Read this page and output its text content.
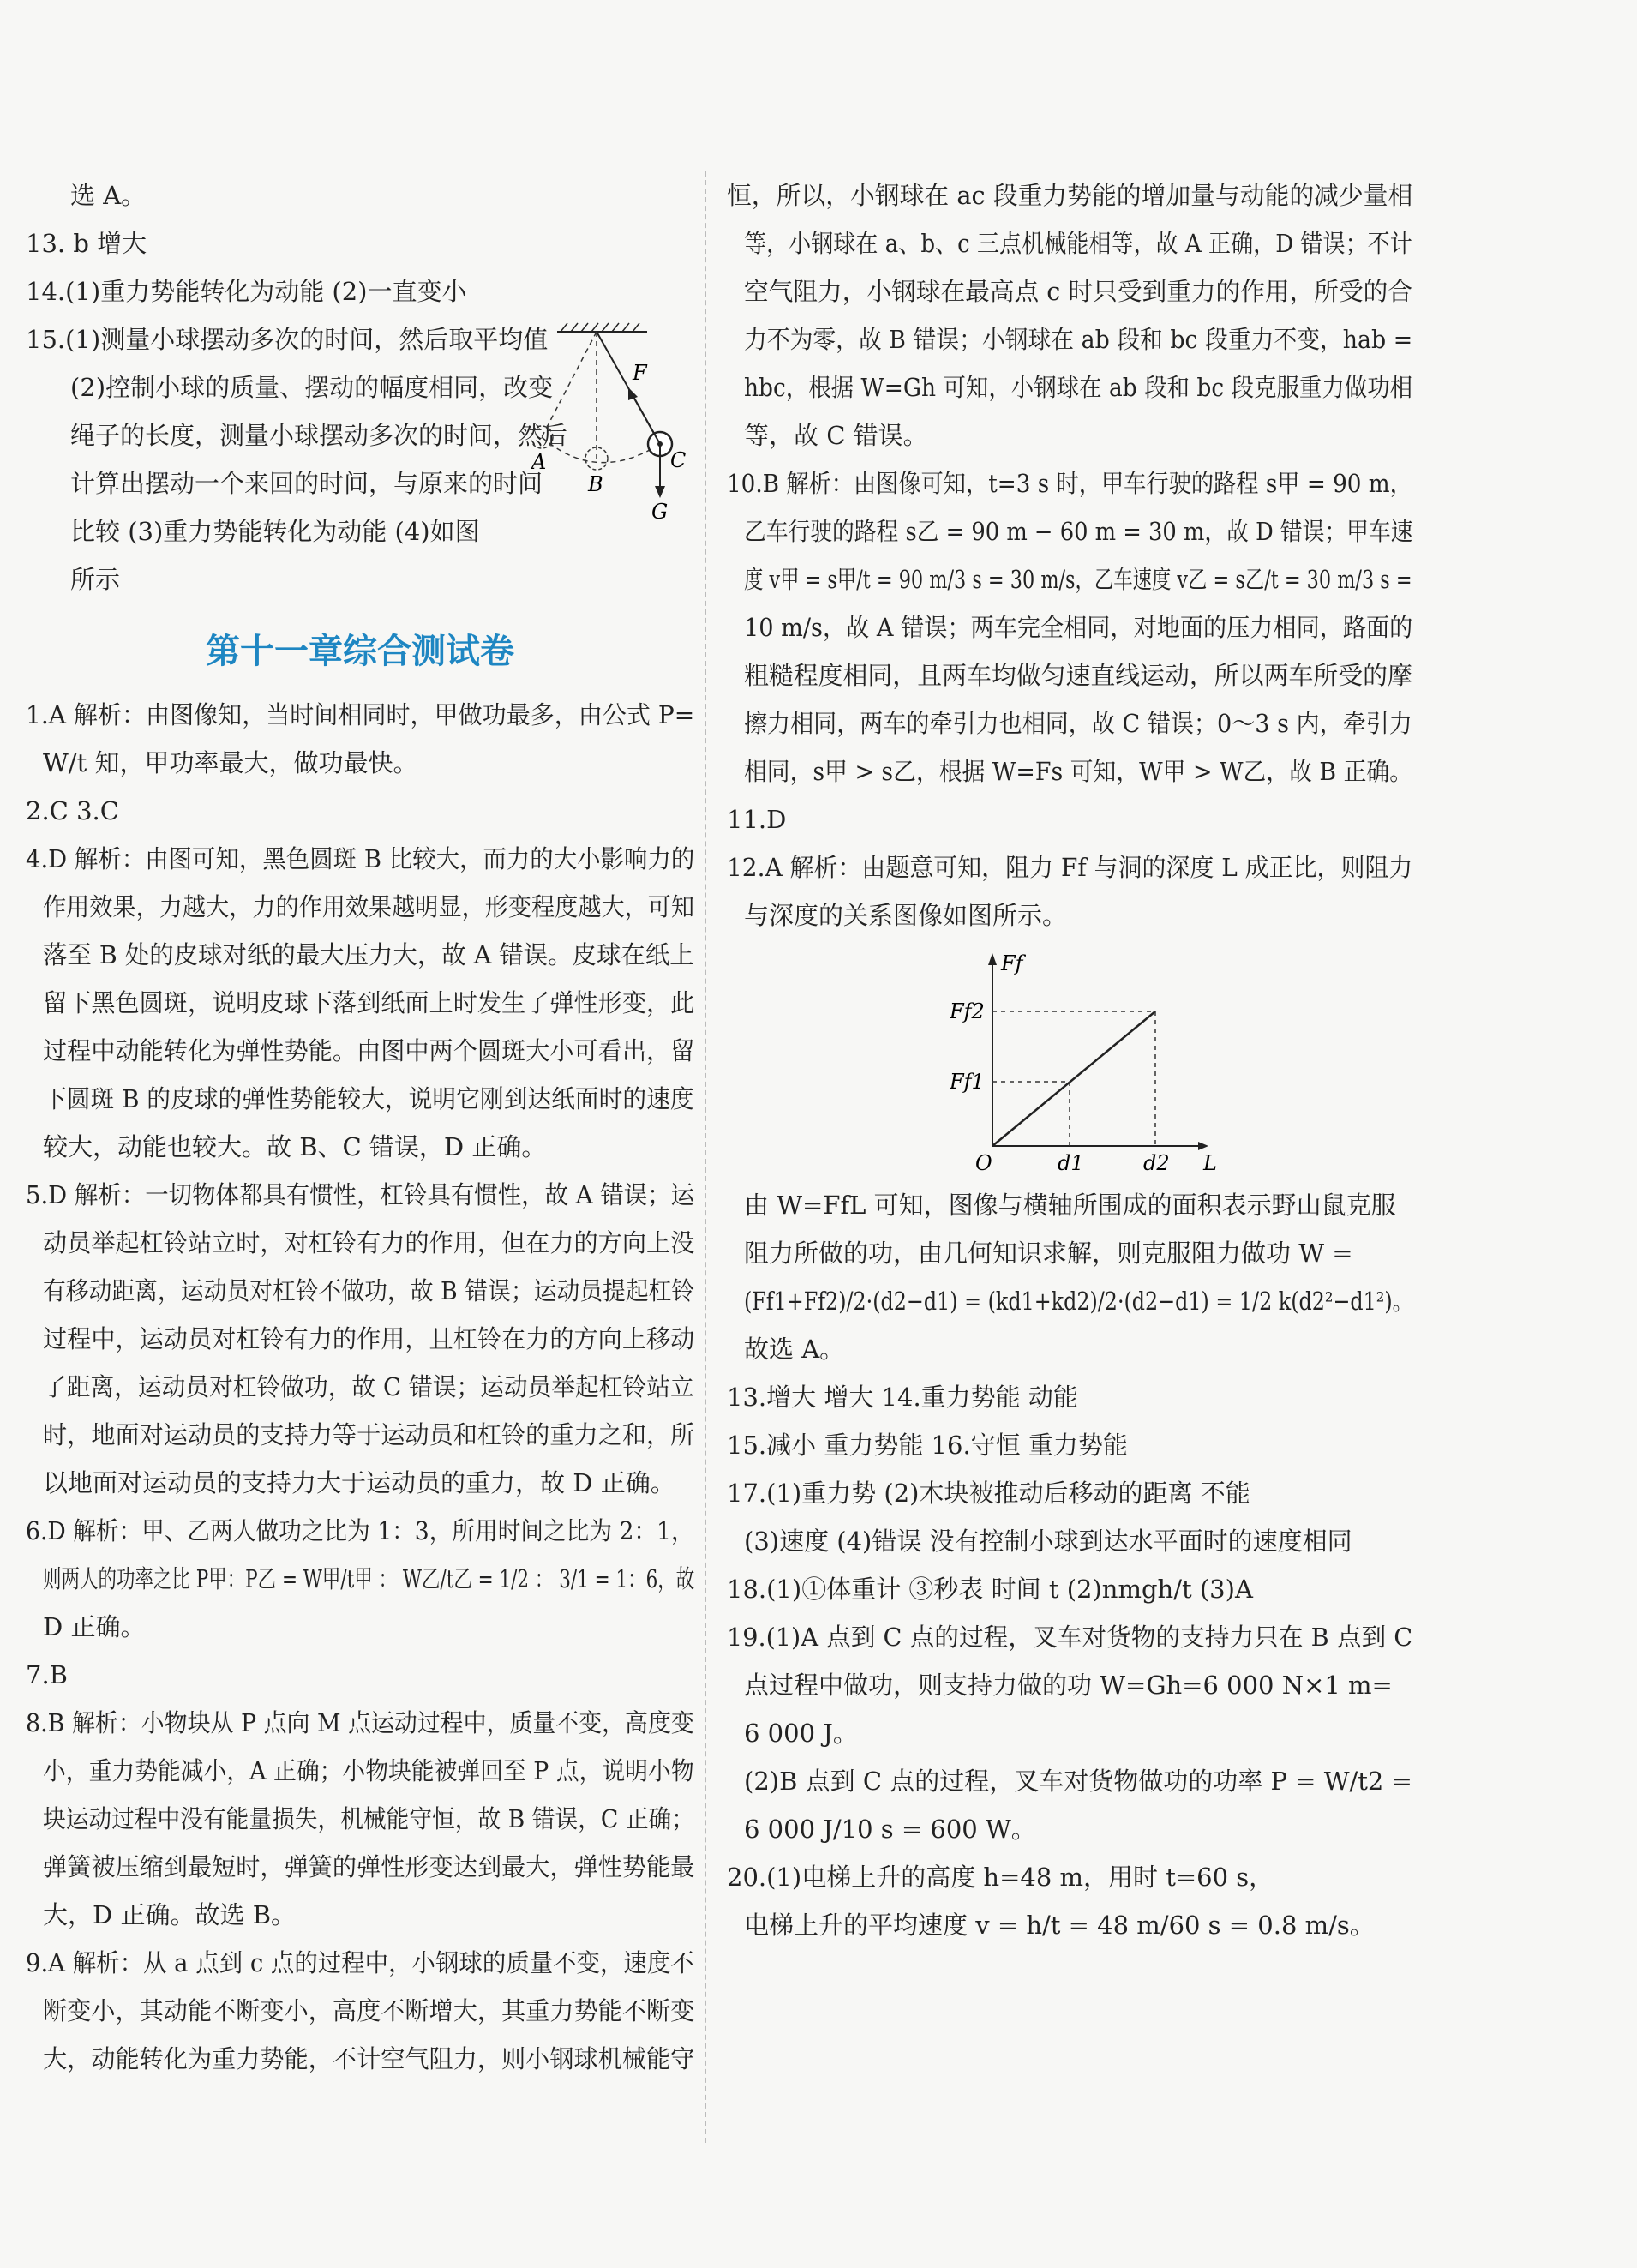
选 A。

13. b 增大

14.(1)重力势能转化为动能 (2)一直变小

15.(1)测量小球摆动多次的时间，然后取平均值

(2)控制小球的质量、摆动的幅度相同，改变

绳子的长度，测量小球摆动多次的时间，然后

计算出摆动一个来回的时间，与原来的时间

比较 (3)重力势能转化为动能 (4)如图

所示

第十一章综合测试卷

1.A 解析：由图像知，当时间相同时，甲做功最多，由公式 P=

W/t 知，甲功率最大，做功最快。

2.C 3.C

4.D 解析：由图可知，黑色圆斑 B 比较大，而力的大小影响力的

作用效果，力越大，力的作用效果越明显，形变程度越大，可知

落至 B 处的皮球对纸的最大压力大，故 A 错误。皮球在纸上

留下黑色圆斑，说明皮球下落到纸面上时发生了弹性形变，此

过程中动能转化为弹性势能。由图中两个圆斑大小可看出，留

下圆斑 B 的皮球的弹性势能较大，说明它刚到达纸面时的速度

较大，动能也较大。故 B、C 错误，D 正确。

5.D 解析：一切物体都具有惯性，杠铃具有惯性，故 A 错误；运

动员举起杠铃站立时，对杠铃有力的作用，但在力的方向上没

有移动距离，运动员对杠铃不做功，故 B 错误；运动员提起杠铃

过程中，运动员对杠铃有力的作用，且杠铃在力的方向上移动

了距离，运动员对杠铃做功，故 C 错误；运动员举起杠铃站立

时，地面对运动员的支持力等于运动员和杠铃的重力之和，所

以地面对运动员的支持力大于运动员的重力，故 D 正确。

6.D 解析：甲、乙两人做功之比为 1：3，所用时间之比为 2：1，

则两人的功率之比 P甲：P乙 = W甲/t甲 ： W乙/t乙 = 1/2 ： 3/1 = 1：6，故

D 正确。

7.B

8.B 解析：小物块从 P 点向 M 点运动过程中，质量不变，高度变

小，重力势能减小，A 正确；小物块能被弹回至 P 点，说明小物

块运动过程中没有能量损失，机械能守恒，故 B 错误，C 正确；

弹簧被压缩到最短时，弹簧的弹性形变达到最大，弹性势能最

大，D 正确。故选 B。

9.A 解析：从 a 点到 c 点的过程中，小钢球的质量不变，速度不

断变小，其动能不断变小，高度不断增大，其重力势能不断变

大，动能转化为重力势能，不计空气阻力，则小钢球机械能守

F
C
A
B
G

恒，所以，小钢球在 ac 段重力势能的增加量与动能的减少量相

等，小钢球在 a、b、c 三点机械能相等，故 A 正确，D 错误；不计

空气阻力，小钢球在最高点 c 时只受到重力的作用，所受的合

力不为零，故 B 错误；小钢球在 ab 段和 bc 段重力不变，hab =

hbc，根据 W=Gh 可知，小钢球在 ab 段和 bc 段克服重力做功相

等，故 C 错误。

10.B 解析：由图像可知，t=3 s 时，甲车行驶的路程 s甲 = 90 m，

乙车行驶的路程 s乙 = 90 m − 60 m = 30 m，故 D 错误；甲车速

度 v甲 = s甲/t = 90 m/3 s = 30 m/s，乙车速度 v乙 = s乙/t = 30 m/3 s =

10 m/s，故 A 错误；两车完全相同，对地面的压力相同，路面的

粗糙程度相同，且两车均做匀速直线运动，所以两车所受的摩

擦力相同，两车的牵引力也相同，故 C 错误；0～3 s 内，牵引力

相同，s甲 > s乙，根据 W=Fs 可知，W甲 > W乙，故 B 正确。

11.D

12.A 解析：由题意可知，阻力 Ff 与洞的深度 L 成正比，则阻力

与深度的关系图像如图所示。

Ff
L
O	d1	d2
Ff2
Ff1

由 W=FfL 可知，图像与横轴所围成的面积表示野山鼠克服

阻力所做的功，由几何知识求解，则克服阻力做功 W =

(Ff1+Ff2)/2·(d2−d1) = (kd1+kd2)/2·(d2−d1) = 1/2 k(d2²−d1²)。

故选 A。

13.增大 增大 14.重力势能 动能

15.减小 重力势能 16.守恒 重力势能

17.(1)重力势 (2)木块被推动后移动的距离 不能

(3)速度 (4)错误 没有控制小球到达水平面时的速度相同

18.(1)①体重计 ③秒表 时间 t (2)nmgh/t (3)A

19.(1)A 点到 C 点的过程，叉车对货物的支持力只在 B 点到 C

点过程中做功，则支持力做的功 W=Gh=6 000 N×1 m=

6 000 J。

(2)B 点到 C 点的过程，叉车对货物做功的功率 P = W/t2 =

6 000 J/10 s = 600 W。

20.(1)电梯上升的高度 h=48 m，用时 t=60 s，

电梯上升的平均速度 v = h/t = 48 m/60 s = 0.8 m/s。
